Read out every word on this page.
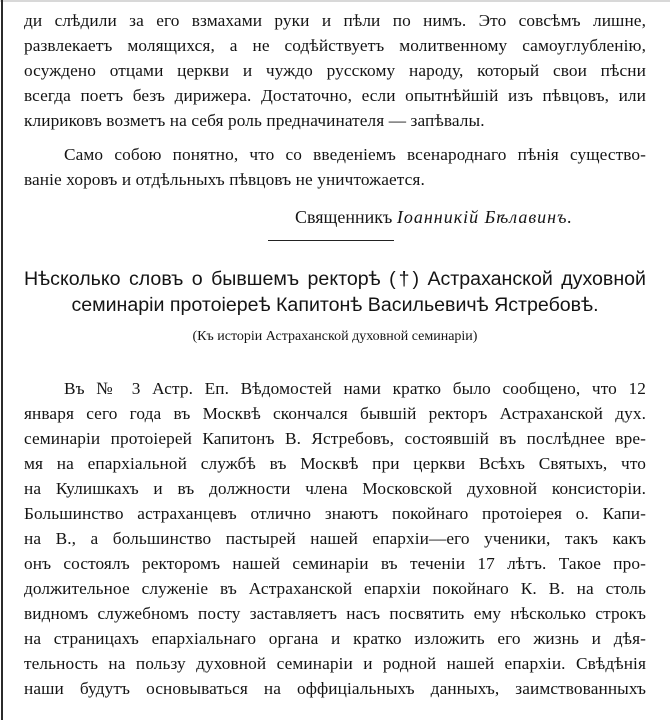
ди слѣдили за его взмахами руки и пѣли по нимъ. Это совсѣмъ лишне,
развлекаетъ молящихся, а не содѣйствуетъ молитвенному самоуглубленію,
осуждено отцами церкви и чуждо русскому народу, который свои пѣсни
всегда поетъ безъ дирижера. Достаточно, если опытнѣйшій изъ пѣвцовъ, или
клириковъ возметъ на себя роль предначинателя — запѣвалы.
Само собою понятно, что со введеніемъ всенароднаго пѣнія существо-
ваніе хоровъ и отдѣльныхъ пѣвцовъ не уничтожается.
Священникъ Іоанникій Бѣлавинъ.
Нѣсколько словъ о бывшемъ ректорѣ (†) Астраханской духовной
семинаріи протоіереѣ Капитонѣ Васильевичѣ Ястребовѣ.
(Къ исторіи Астраханской духовной семинаріи)
Въ № 3 Астр. Еп. Вѣдомостей нами кратко было сообщено, что 12
января сего года въ Москвѣ скончался бывшій ректоръ Астраханской дух.
семинаріи протоіерей Капитонъ В. Ястребовъ, состоявшій въ послѣднее вре-
мя на епархіальной службѣ въ Москвѣ при церкви Всѣхъ Святыхъ, что
на Кулишкахъ и въ должности члена Московской духовной консисторіи.
Большинство астраханцевъ отлично знаютъ покойнаго протоіерея о. Капи-
на В., а большинство пастырей нашей епархіи—его ученики, такъ какъ
онъ состоялъ ректоромъ нашей семинаріи въ теченіи 17 лѣтъ. Такое про-
должительное служеніе въ Астраханской епархіи покойнаго К. В. на столь
видномъ служебномъ посту заставляетъ насъ посвятить ему нѣсколько строкъ
на страницахъ епархіальнаго органа и кратко изложить его жизнь и дѣя-
тельность на пользу духовной семинаріи и родной нашей епархіи. Свѣдѣнія
наши будутъ основываться на оффиціальныхъ данныхъ, заимствованныхъ
